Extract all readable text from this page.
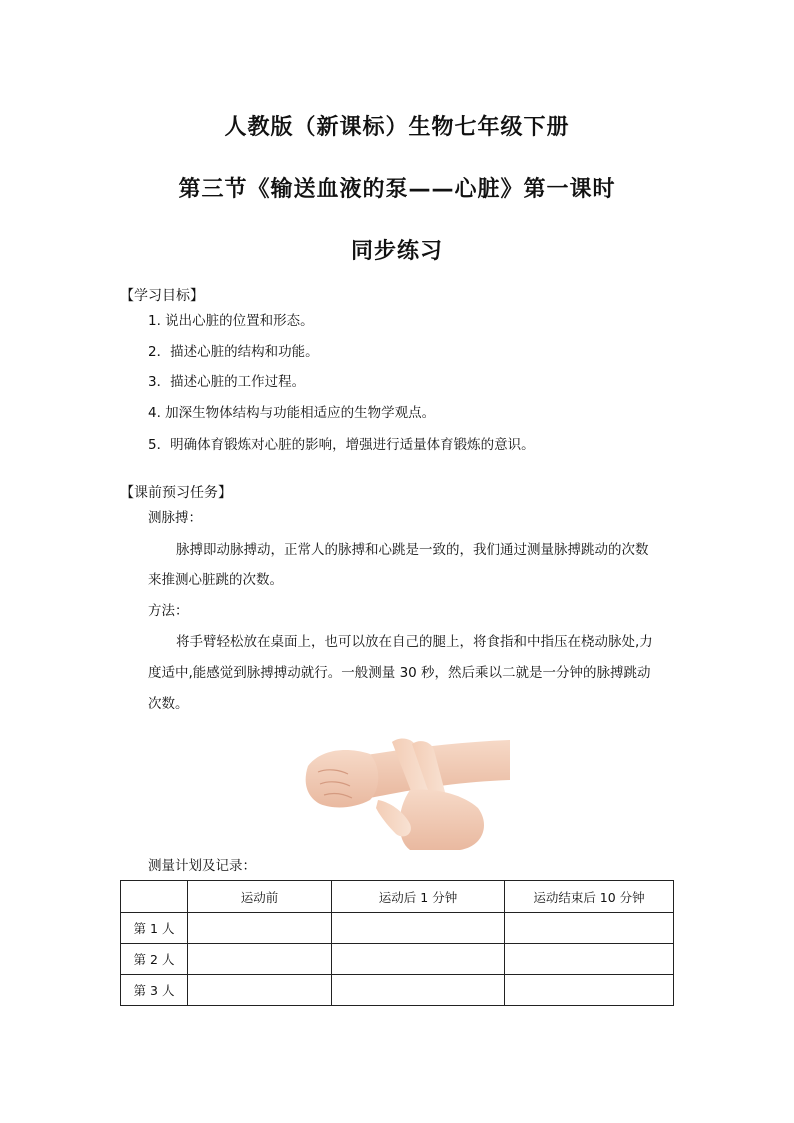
人教版（新课标）生物七年级下册
第三节《输送血液的泵——心脏》第一课时
同步练习
【学习目标】
1. 说出心脏的位置和形态。
2．描述心脏的结构和功能。
3．描述心脏的工作过程。
4. 加深生物体结构与功能相适应的生物学观点。
5．明确体育锻炼对心脏的影响，增强进行适量体育锻炼的意识。
【课前预习任务】
测脉搏：
脉搏即动脉搏动，正常人的脉搏和心跳是一致的，我们通过测量脉搏跳动的次数
来推测心脏跳的次数。
方法：
将手臂轻松放在桌面上，也可以放在自己的腿上，将食指和中指压在桡动脉处,力
度适中,能感觉到脉搏搏动就行。一般测量 30 秒，然后乘以二就是一分钟的脉搏跳动
次数。
测量计划及记录：
	运动前	运动后 1 分钟	运动结束后 10 分钟
第 1 人			
第 2 人			
第 3 人			
